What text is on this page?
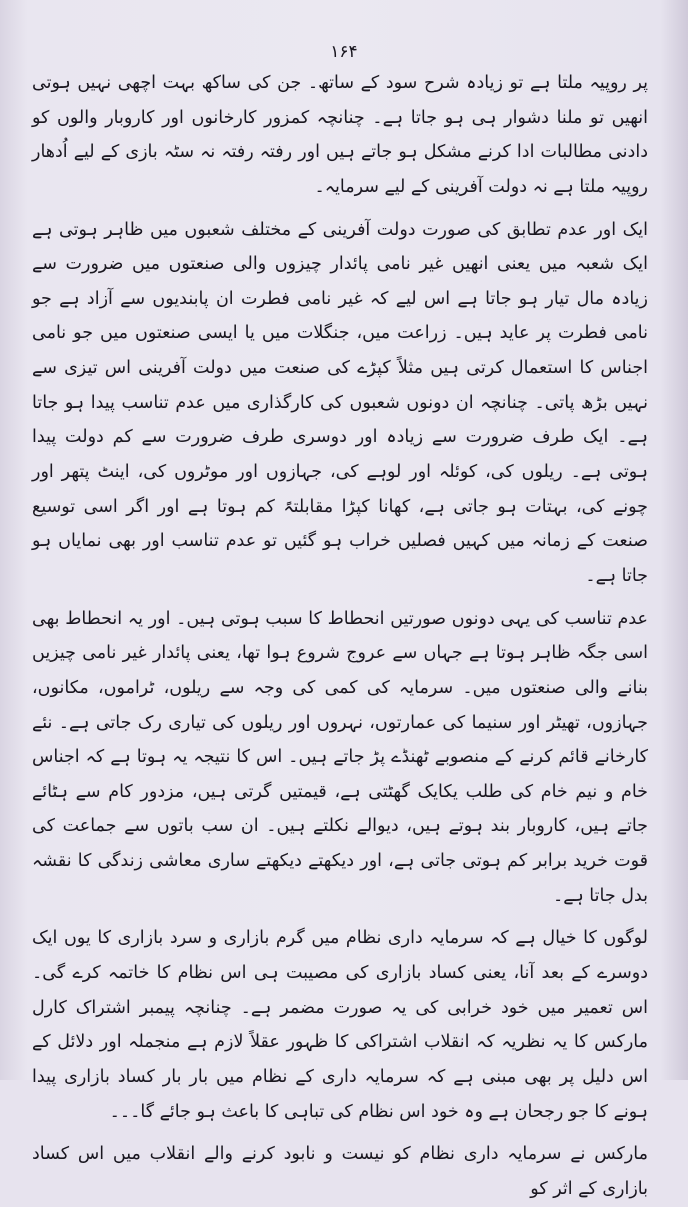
۱۶۴

پر روپیہ ملتا ہے تو زیادہ شرح سود کے ساتھ۔ جن کی ساکھ بہت اچھی نہیں ہوتی انھیں تو ملنا دشوار ہی ہو جاتا ہے۔ چنانچہ کمزور کارخانوں اور کاروبار والوں کو دادنی مطالبات ادا کرنے مشکل ہو جاتے ہیں اور رفتہ رفتہ نہ سٹہ بازی کے لیے اُدھار روپیہ ملتا ہے نہ دولت آفرینی کے لیے سرمایہ۔

ایک اور عدم تطابق کی صورت دولت آفرینی کے مختلف شعبوں میں ظاہر ہوتی ہے ایک شعبہ میں یعنی انھیں غیر نامی پائدار چیزوں والی صنعتوں میں ضرورت سے زیادہ مال تیار ہو جاتا ہے اس لیے کہ غیر نامی فطرت ان پابندیوں سے آزاد ہے جو نامی فطرت پر عاید ہیں۔ زراعت میں، جنگلات میں یا ایسی صنعتوں میں جو نامی اجناس کا استعمال کرتی ہیں مثلاً کپڑے کی صنعت میں دولت آفرینی اس تیزی سے نہیں بڑھ پاتی۔ چنانچہ ان دونوں شعبوں کی کارگذاری میں عدم تناسب پیدا ہو جاتا ہے۔ ایک طرف ضرورت سے زیادہ اور دوسری طرف ضرورت سے کم دولت پیدا ہوتی ہے۔ ریلوں کی، کوئلہ اور لوہے کی، جہازوں اور موٹروں کی، اینٹ پتھر اور چونے کی، بہتات ہو جاتی ہے، کھانا کپڑا مقابلتہً کم ہوتا ہے اور اگر اسی توسیع صنعت کے زمانہ میں کہیں فصلیں خراب ہو گئیں تو عدم تناسب اور بھی نمایاں ہو جاتا ہے۔

عدم تناسب کی یہی دونوں صورتیں انحطاط کا سبب ہوتی ہیں۔ اور یہ انحطاط بھی اسی جگہ ظاہر ہوتا ہے جہاں سے عروج شروع ہوا تھا، یعنی پائدار غیر نامی چیزیں بنانے والی صنعتوں میں۔ سرمایہ کی کمی کی وجہ سے ریلوں، ٹراموں، مکانوں، جہازوں، تھیٹر اور سنیما کی عمارتوں، نہروں اور ریلوں کی تیاری رک جاتی ہے۔ نئے کارخانے قائم کرنے کے منصوبے ٹھنڈے پڑ جاتے ہیں۔ اس کا نتیجہ یہ ہوتا ہے کہ اجناس خام و نیم خام کی طلب یکایک گھٹتی ہے، قیمتیں گرتی ہیں، مزدور کام سے ہٹائے جاتے ہیں، کاروبار بند ہوتے ہیں، دیوالے نکلتے ہیں۔ ان سب باتوں سے جماعت کی قوت خرید برابر کم ہوتی جاتی ہے، اور دیکھتے دیکھتے ساری معاشی زندگی کا نقشہ بدل جاتا ہے۔

لوگوں کا خیال ہے کہ سرمایہ داری نظام میں گرم بازاری و سرد بازاری کا یوں ایک دوسرے کے بعد آنا، یعنی کساد بازاری کی مصیبت ہی اس نظام کا خاتمہ کرے گی۔ اس تعمیر میں خود خرابی کی یہ صورت مضمر ہے۔ چنانچہ پیمبر اشتراک کارل مارکس کا یہ نظریہ کہ انقلاب اشتراکی کا ظہور عقلاً لازم ہے منجملہ اور دلائل کے اس دلیل پر بھی مبنی ہے کہ سرمایہ داری کے نظام میں بار بار کساد بازاری پیدا ہونے کا جو رجحان ہے وہ خود اس نظام کی تباہی کا باعث ہو جائے گا۔۔۔

مارکس نے سرمایہ داری نظام کو نیست و نابود کرنے والے انقلاب میں اس کساد بازاری کے اثر کو
